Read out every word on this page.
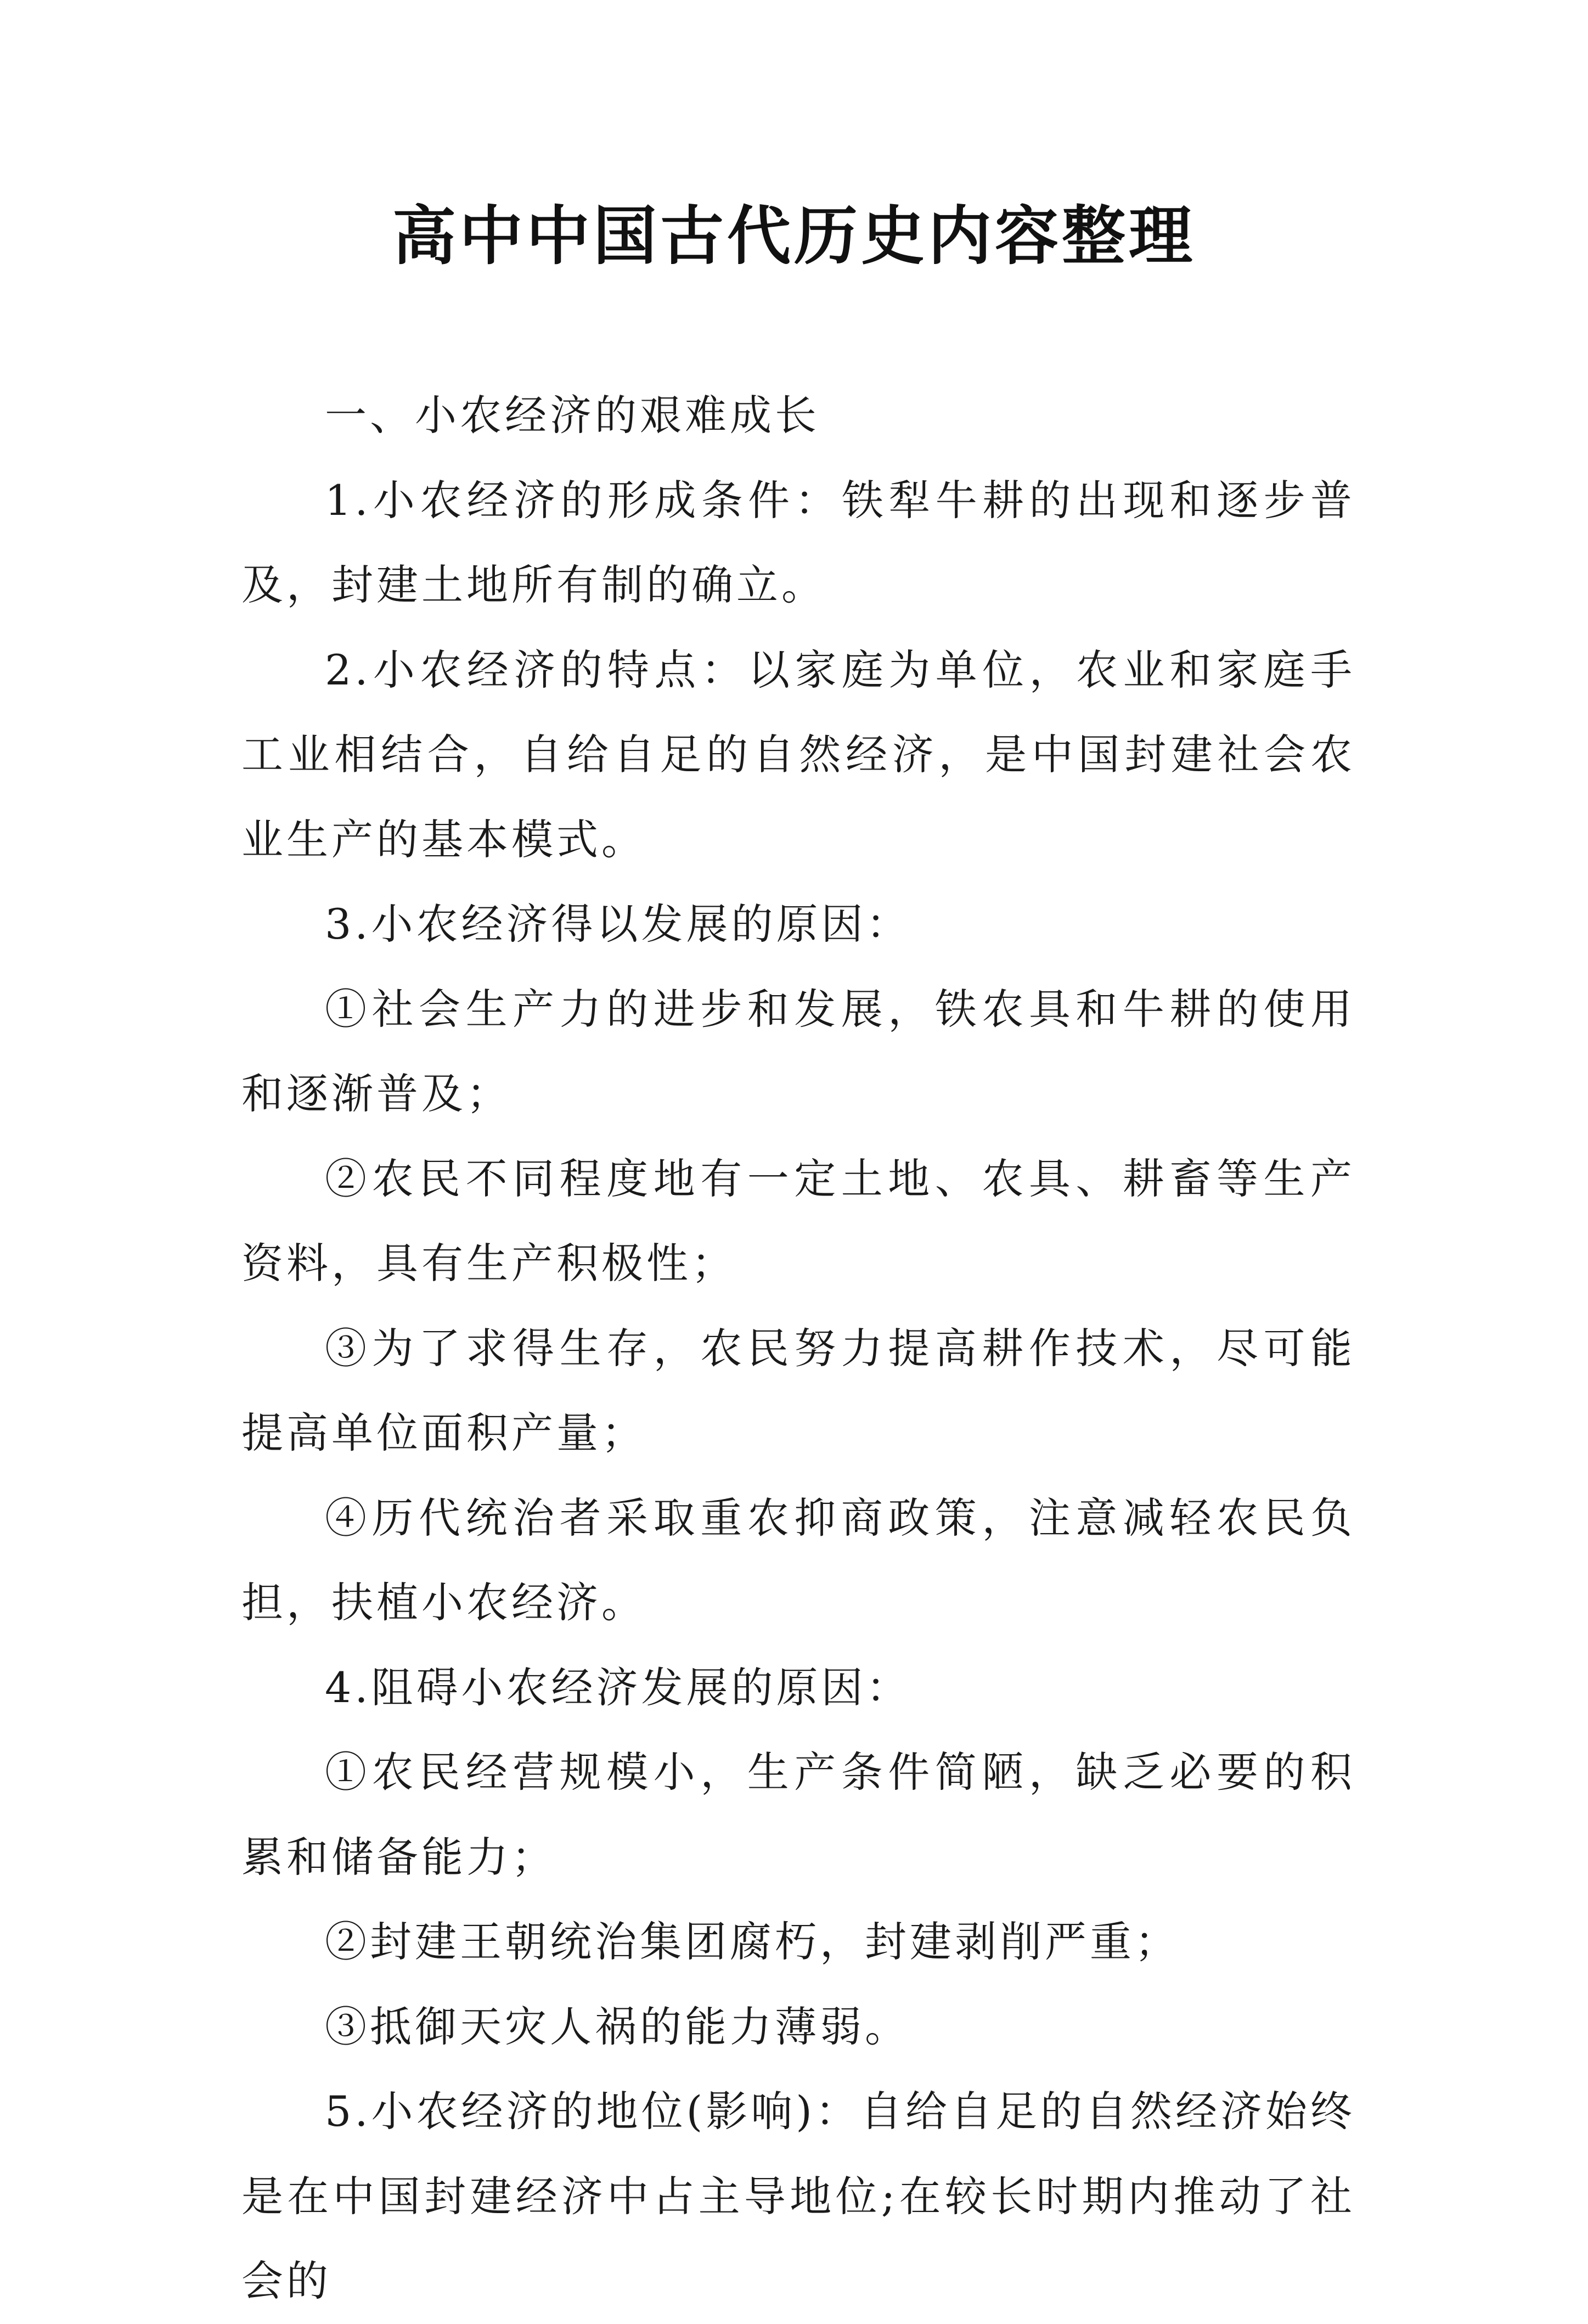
高中中国古代历史内容整理

一、小农经济的艰难成长

1.小农经济的形成条件：铁犁牛耕的出现和逐步普及，封建土地所有制的确立。

2.小农经济的特点：以家庭为单位，农业和家庭手工业相结合，自给自足的自然经济，是中国封建社会农业生产的基本模式。

3.小农经济得以发展的原因：

①社会生产力的进步和发展，铁农具和牛耕的使用和逐渐普及；

②农民不同程度地有一定土地、农具、耕畜等生产资料，具有生产积极性；

③为了求得生存，农民努力提高耕作技术，尽可能提高单位面积产量；

④历代统治者采取重农抑商政策，注意减轻农民负担，扶植小农经济。

4.阻碍小农经济发展的原因：

①农民经营规模小，生产条件简陋，缺乏必要的积累和储备能力；

②封建王朝统治集团腐朽，封建剥削严重；

③抵御天灾人祸的能力薄弱。

5.小农经济的地位(影响)：自给自足的自然经济始终是在中国封建经济中占主导地位;在较长时期内推动了社会的
